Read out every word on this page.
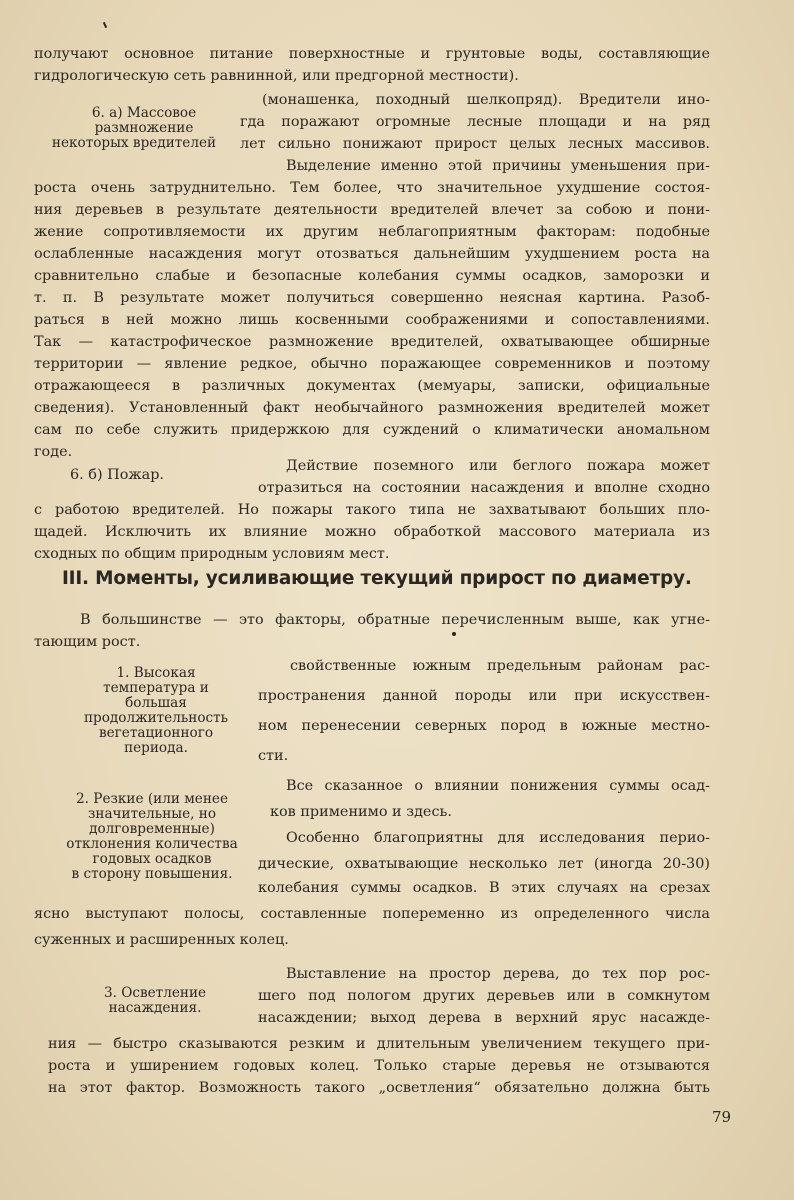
получают основное питание поверхностные и грунтовые воды, составляющие
гидрологическую сеть равнинной, или предгорной местности).
6. а) Массовое
размножение
некоторых вредителей
(монашенка, походный шелкопряд). Вредители ино-
гда поражают огромные лесные площади и на ряд
лет сильно понижают прирост целых лесных массивов.
Выделение именно этой причины уменьшения при-
роста очень затруднительно. Тем более, что значительное ухудшение состоя-
ния деревьев в результате деятельности вредителей влечет за собою и пони-
жение сопротивляемости их другим неблагоприятным факторам: подобные
ослабленные насаждения могут отозваться дальнейшим ухудшением роста на
сравнительно слабые и безопасные колебания суммы осадков, заморозки и
т. п. В результате может получиться совершенно неясная картина. Разоб-
раться в ней можно лишь косвенными соображениями и сопоставлениями.
Так — катастрофическое размножение вредителей, охватывающее обширные
территории — явление редкое, обычно поражающее современников и поэтому
отражающееся в различных документах (мемуары, записки, официальные
сведения). Установленный факт необычайного размножения вредителей может
сам по себе служить придержкою для суждений о климатически аномальном
годе.
6. б) Пожар.
Действие поземного или беглого пожара может
отразиться на состоянии насаждения и вполне сходно
с работою вредителей. Но пожары такого типа не захватывают больших пло-
щадей. Исключить их влияние можно обработкой массового материала из
сходных по общим природным условиям мест.
III. Моменты, усиливающие текущий прирост по диаметру.
В большинстве — это факторы, обратные перечисленным выше, как угне-
тающим рост.
1. Высокая
температура и
большая
продолжительность
вегетационного
периода.
свойственные южным предельным районам рас-
пространения данной породы или при искусствен-
ном перенесении северных пород в южные местно-
сти.
2. Резкие (или менее
значительные, но
долговременные)
отклонения количества
годовых осадков
в сторону повышения.
Все сказанное о влиянии понижения суммы осад-
ков применимо и здесь.
Особенно благоприятны для исследования перио-
дические, охватывающие несколько лет (иногда 20-30)
колебания суммы осадков. В этих случаях на срезах
ясно выступают полосы, составленные попеременно из определенного числа
суженных и расширенных колец.
3. Осветление
насаждения.
Выставление на простор дерева, до тех пор рос-
шего под пологом других деревьев или в сомкнутом
насаждении; выход дерева в верхний ярус насажде-
ния — быстро сказываются резким и длительным увеличением текущего при-
роста и уширением годовых колец. Только старые деревья не отзываются
на этот фактор. Возможность такого „осветления“ обязательно должна быть
79
